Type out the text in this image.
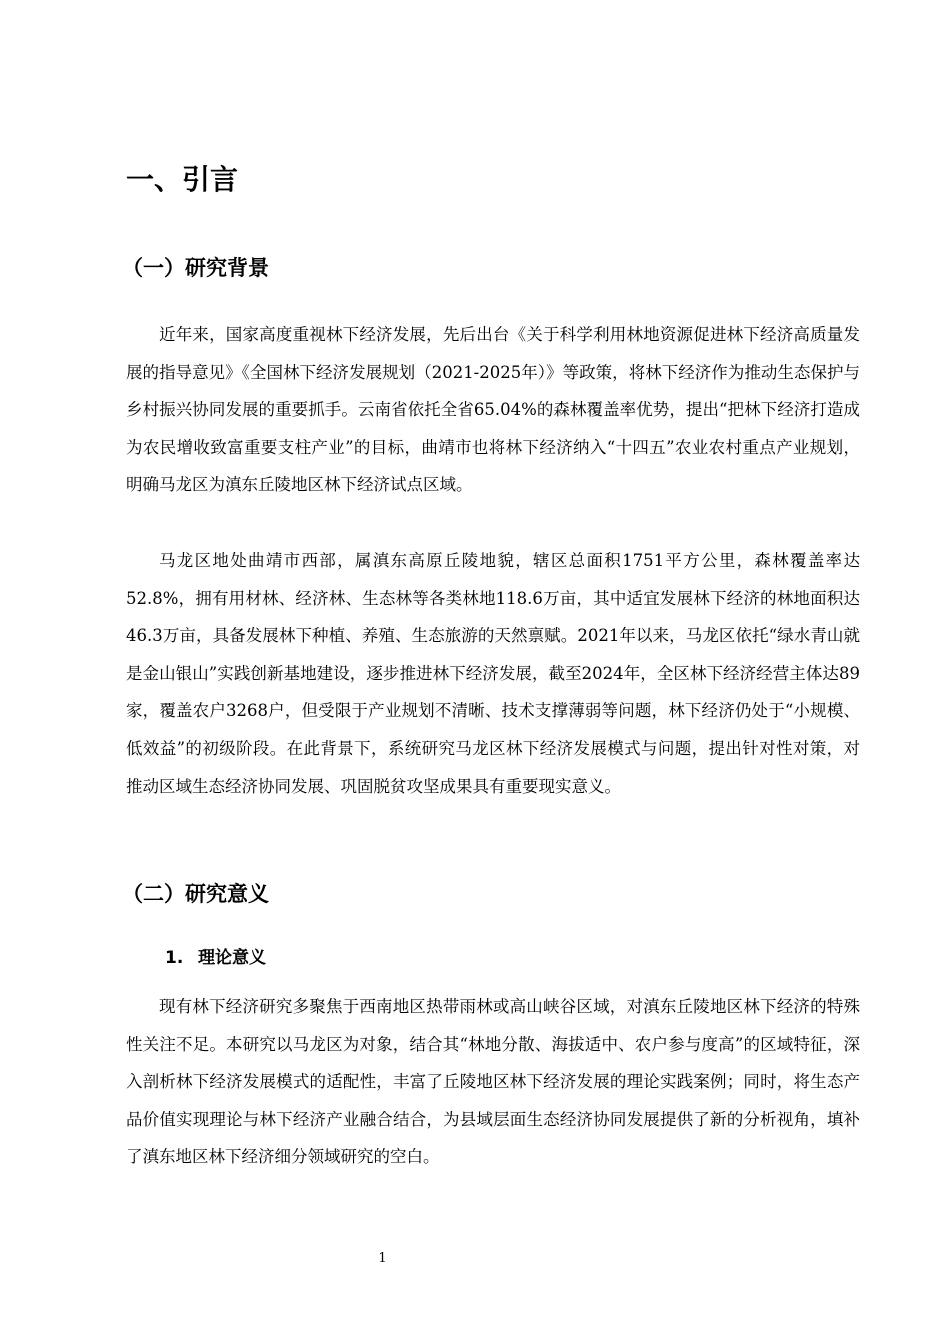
一、引言
（一）研究背景

近年来，国家高度重视林下经济发展，先后出台《关于科学利用林地资源促进林下经济高质量发展的指导意见》《全国林下经济发展规划（2021-2025年）》等政策，将林下经济作为推动生态保护与乡村振兴协同发展的重要抓手。云南省依托全省65.04%的森林覆盖率优势，提出“把林下经济打造成为农民增收致富重要支柱产业”的目标，曲靖市也将林下经济纳入“十四五”农业农村重点产业规划，明确马龙区为滇东丘陵地区林下经济试点区域。

马龙区地处曲靖市西部，属滇东高原丘陵地貌，辖区总面积1751平方公里，森林覆盖率达52.8%，拥有用材林、经济林、生态林等各类林地118.6万亩，其中适宜发展林下经济的林地面积达46.3万亩，具备发展林下种植、养殖、生态旅游的天然禀赋。2021年以来，马龙区依托“绿水青山就是金山银山”实践创新基地建设，逐步推进林下经济发展，截至2024年，全区林下经济经营主体达89家，覆盖农户3268户，但受限于产业规划不清晰、技术支撑薄弱等问题，林下经济仍处于“小规模、低效益”的初级阶段。在此背景下，系统研究马龙区林下经济发展模式与问题，提出针对性对策，对推动区域生态经济协同发展、巩固脱贫攻坚成果具有重要现实意义。

（二）研究意义
1. 理论意义

现有林下经济研究多聚焦于西南地区热带雨林或高山峡谷区域，对滇东丘陵地区林下经济的特殊性关注不足。本研究以马龙区为对象，结合其“林地分散、海拔适中、农户参与度高”的区域特征，深入剖析林下经济发展模式的适配性，丰富了丘陵地区林下经济发展的理论实践案例；同时，将生态产品价值实现理论与林下经济产业融合结合，为县域层面生态经济协同发展提供了新的分析视角，填补了滇东地区林下经济细分领域研究的空白。

1
